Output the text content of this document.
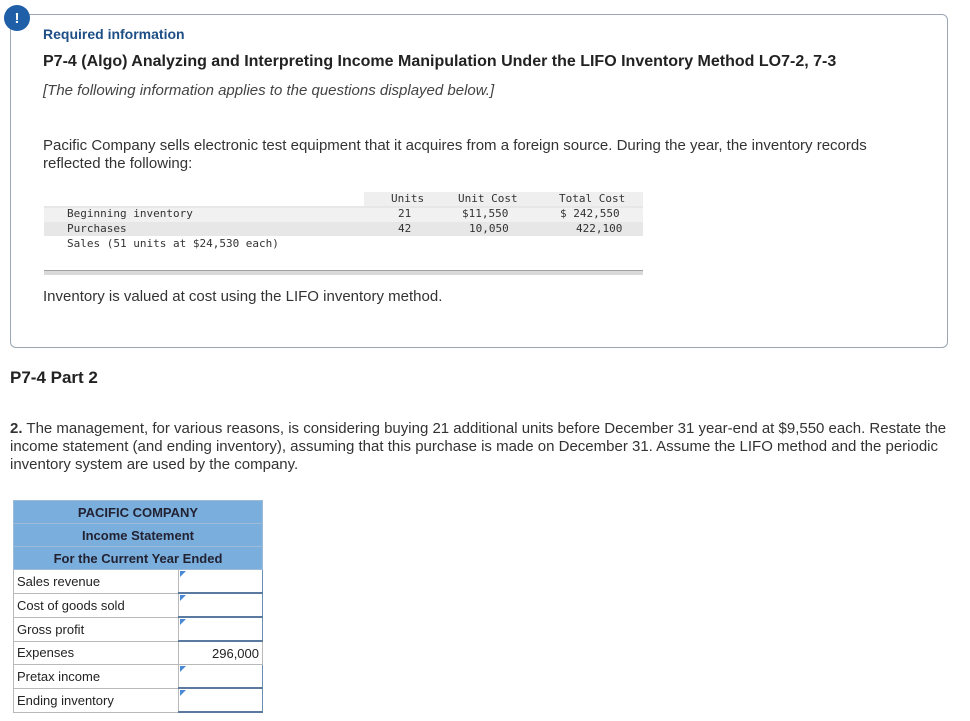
!
Required information
P7-4 (Algo) Analyzing and Interpreting Income Manipulation Under the LIFO Inventory Method LO7-2, 7-3
[The following information applies to the questions displayed below.]
Pacific Company sells electronic test equipment that it acquires from a foreign source. During the year, the inventory records reflected the following:
Units	Unit Cost	Total Cost
Beginning inventory	21	$11,550	$ 242,550
Purchases	42	10,050	422,100
Sales (51 units at $24,530 each)
Inventory is valued at cost using the LIFO inventory method.
P7-4 Part 2
2. The management, for various reasons, is considering buying 21 additional units before December 31 year-end at $9,550 each. Restate the income statement (and ending inventory), assuming that this purchase is made on December 31. Assume the LIFO method and the periodic inventory system are used by the company.
PACIFIC COMPANY	
Income Statement	
For the Current Year Ended	
Sales revenue	

Cost of goods sold	

Gross profit	

Expenses	296,000
Pretax income	

Ending inventory	
